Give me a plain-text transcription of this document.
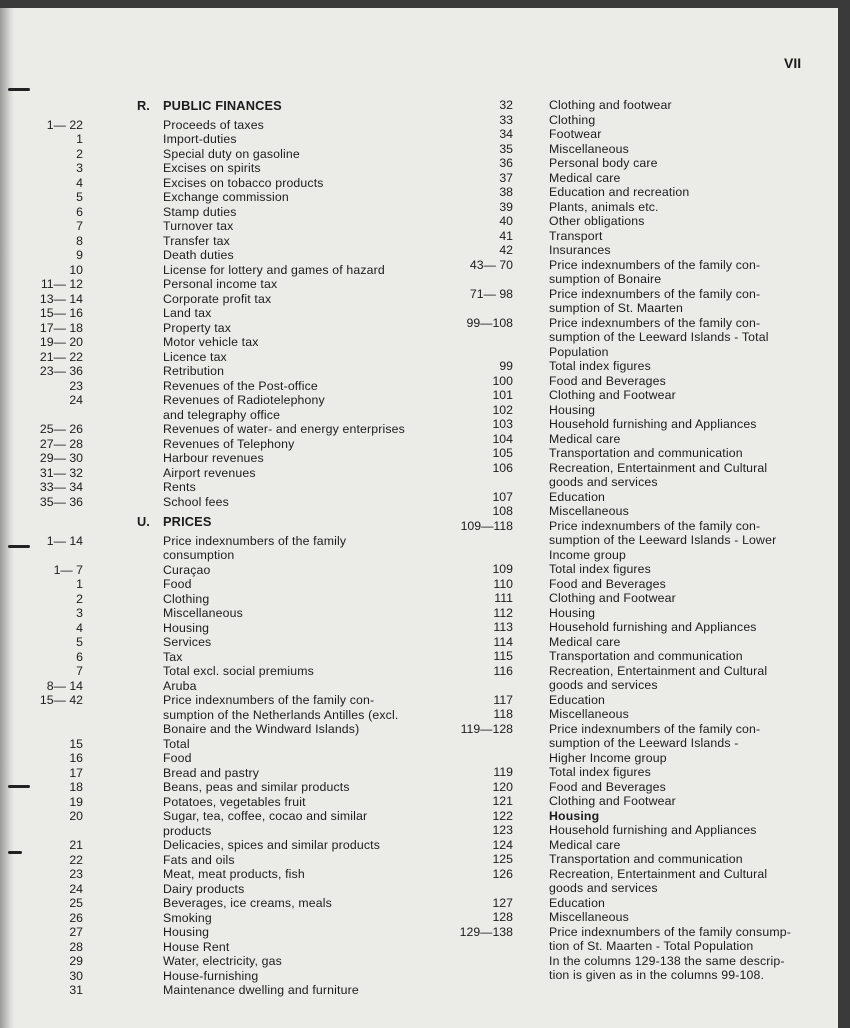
VII
R. PUBLIC FINANCES
1— 22	Proceeds of taxes
1	Import-duties
2	Special duty on gasoline
3	Excises on spirits
4	Excises on tobacco products
5	Exchange commission
6	Stamp duties
7	Turnover tax
8	Transfer tax
9	Death duties
10	License for lottery and games of hazard
11— 12	Personal income tax
13— 14	Corporate profit tax
15— 16	Land tax
17— 18	Property tax
19— 20	Motor vehicle tax
21— 22	Licence tax
23— 36	Retribution
23	Revenues of the Post-office
24	Revenues of Radiotelephony
and telegraphy office
25— 26	Revenues of water- and energy enterprises
27— 28	Revenues of Telephony
29— 30	Harbour revenues
31— 32	Airport revenues
33— 34	Rents
35— 36	School fees
U. PRICES
1— 14	Price indexnumbers of the family
consumption
1— 7	Curaçao
1	Food
2	Clothing
3	Miscellaneous
4	Housing
5	Services
6	Tax
7	Total excl. social premiums
8— 14	Aruba
15— 42	Price indexnumbers of the family con-
sumption of the Netherlands Antilles (excl.
Bonaire and the Windward Islands)
15	Total
16	Food
17	Bread and pastry
18	Beans, peas and similar products
19	Potatoes, vegetables fruit
20	Sugar, tea, coffee, cocao and similar
products
21	Delicacies, spices and similar products
22	Fats and oils
23	Meat, meat products, fish
24	Dairy products
25	Beverages, ice creams, meals
26	Smoking
27	Housing
28	House Rent
29	Water, electricity, gas
30	House-furnishing
31	Maintenance dwelling and furniture
32	Clothing and footwear
33	Clothing
34	Footwear
35	Miscellaneous
36	Personal body care
37	Medical care
38	Education and recreation
39	Plants, animals etc.
40	Other obligations
41	Transport
42	Insurances
43— 70	Price indexnumbers of the family con-
sumption of Bonaire
71— 98	Price indexnumbers of the family con-
sumption of St. Maarten
99—108	Price indexnumbers of the family con-
sumption of the Leeward Islands - Total
Population
99	Total index figures
100	Food and Beverages
101	Clothing and Footwear
102	Housing
103	Household furnishing and Appliances
104	Medical care
105	Transportation and communication
106	Recreation, Entertainment and Cultural
goods and services
107	Education
108	Miscellaneous
109—118	Price indexnumbers of the family con-
sumption of the Leeward Islands - Lower
Income group
109	Total index figures
110	Food and Beverages
111	Clothing and Footwear
112	Housing
113	Household furnishing and Appliances
114	Medical care
115	Transportation and communication
116	Recreation, Entertainment and Cultural
goods and services
117	Education
118	Miscellaneous
119—128	Price indexnumbers of the family con-
sumption of the Leeward Islands -
Higher Income group
119	Total index figures
120	Food and Beverages
121	Clothing and Footwear
122	Housing
123	Household furnishing and Appliances
124	Medical care
125	Transportation and communication
126	Recreation, Entertainment and Cultural
goods and services
127	Education
128	Miscellaneous
129—138	Price indexnumbers of the family consump-
tion of St. Maarten - Total Population
In the columns 129-138 the same descrip-
tion is given as in the columns 99-108.
